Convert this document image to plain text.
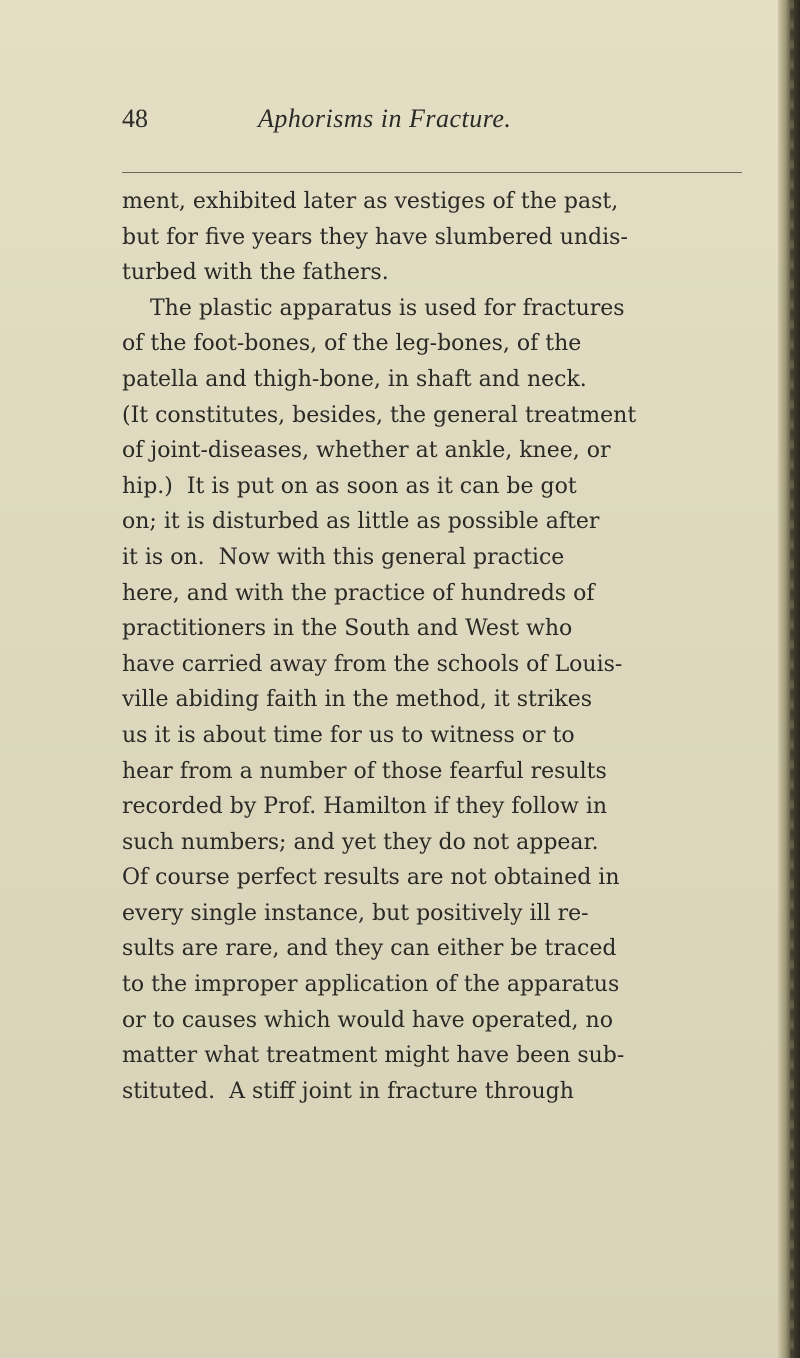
48	Aphorisms in Fracture.
ment, exhibited later as vestiges of the past,
but for five years they have slumbered undis-
turbed with the fathers.
The plastic apparatus is used for fractures
of the foot-bones, of the leg-bones, of the
patella and thigh-bone, in shaft and neck.
(It constitutes, besides, the general treatment
of joint-diseases, whether at ankle, knee, or
hip.)  It is put on as soon as it can be got
on; it is disturbed as little as possible after
it is on.  Now with this general practice
here, and with the practice of hundreds of
practitioners in the South and West who
have carried away from the schools of Louis-
ville abiding faith in the method, it strikes
us it is about time for us to witness or to
hear from a number of those fearful results
recorded by Prof. Hamilton if they follow in
such numbers; and yet they do not appear.
Of course perfect results are not obtained in
every single instance, but positively ill re-
sults are rare, and they can either be traced
to the improper application of the apparatus
or to causes which would have operated, no
matter what treatment might have been sub-
stituted.  A stiff joint in fracture through
